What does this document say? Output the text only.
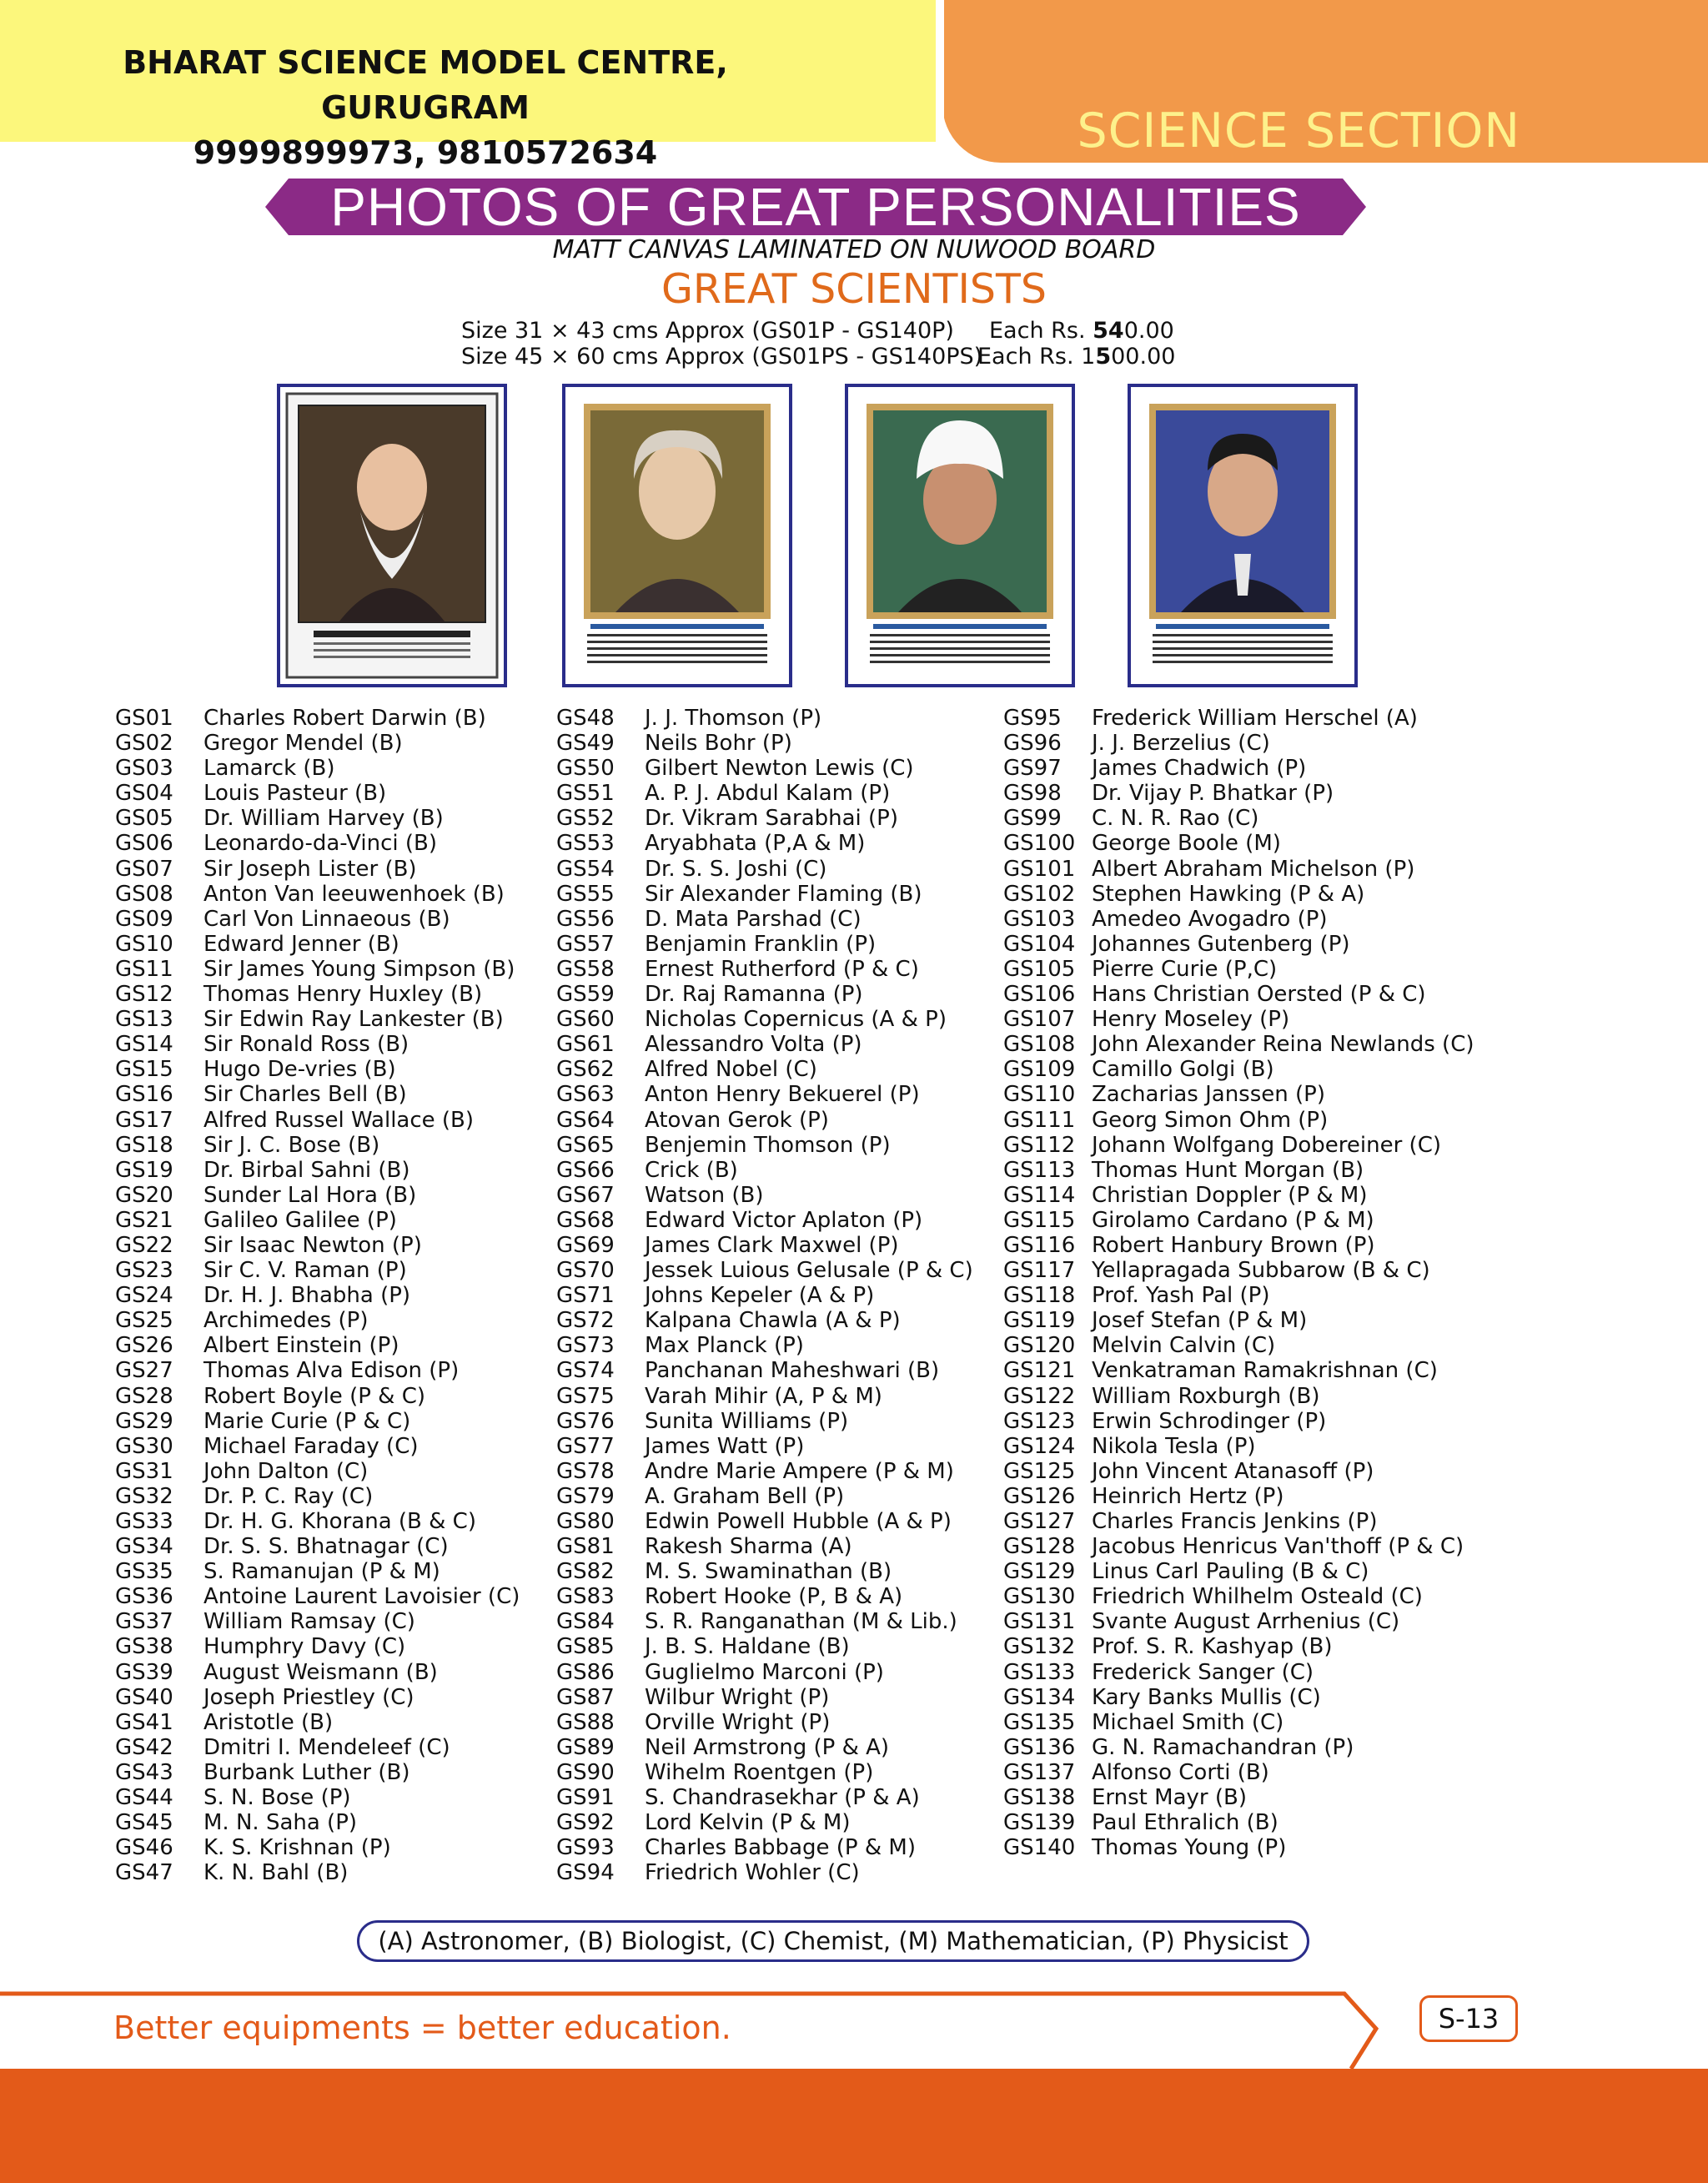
BHARAT SCIENCE MODEL CENTRE, GURUGRAM
9999899973, 9810572634	SCIENCE SECTION
PHOTOS OF GREAT PERSONALITIES
MATT CANVAS LAMINATED ON NUWOOD BOARD
GREAT SCIENTISTS
Size 31 × 43 cms Approx (GS01P - GS140P) Each Rs. 540.00
Size 45 × 60 cms Approx (GS01PS - GS140PS)
Each Rs. 1500.00
GS01	Charles Robert Darwin (B)
GS02	Gregor Mendel (B)
GS03	Lamarck (B)
GS04	Louis Pasteur (B)
GS05	Dr. William Harvey (B)
GS06	Leonardo-da-Vinci (B)
GS07	Sir Joseph Lister (B)
GS08	Anton Van leeuwenhoek (B)
GS09	Carl Von Linnaeous (B)
GS10	Edward Jenner (B)
GS11	Sir James Young Simpson (B)
GS12	Thomas Henry Huxley (B)
GS13	Sir Edwin Ray Lankester (B)
GS14	Sir Ronald Ross (B)
GS15	Hugo De-vries (B)
GS16	Sir Charles Bell (B)
GS17	Alfred Russel Wallace (B)
GS18	Sir J. C. Bose (B)
GS19	Dr. Birbal Sahni (B)
GS20	Sunder Lal Hora (B)
GS21	Galileo Galilee (P)
GS22	Sir Isaac Newton (P)
GS23	Sir C. V. Raman (P)
GS24	Dr. H. J. Bhabha (P)
GS25	Archimedes (P)
GS26	Albert Einstein (P)
GS27	Thomas Alva Edison (P)
GS28	Robert Boyle (P & C)
GS29	Marie Curie (P & C)
GS30	Michael Faraday (C)
GS31	John Dalton (C)
GS32	Dr. P. C. Ray (C)
GS33	Dr. H. G. Khorana (B & C)
GS34	Dr. S. S. Bhatnagar (C)
GS35	S. Ramanujan (P & M)
GS36	Antoine Laurent Lavoisier (C)
GS37	William Ramsay (C)
GS38	Humphry Davy (C)
GS39	August Weismann (B)
GS40	Joseph Priestley (C)
GS41	Aristotle (B)
GS42	Dmitri I. Mendeleef (C)
GS43	Burbank Luther (B)
GS44	S. N. Bose (P)
GS45	M. N. Saha (P)
GS46	K. S. Krishnan (P)
GS47	K. N. Bahl (B)
GS48	J. J. Thomson (P)
GS49	Neils Bohr (P)
GS50	Gilbert Newton Lewis (C)
GS51	A. P. J. Abdul Kalam (P)
GS52	Dr. Vikram Sarabhai (P)
GS53	Aryabhata (P,A & M)
GS54	Dr. S. S. Joshi (C)
GS55	Sir Alexander Flaming (B)
GS56	D. Mata Parshad (C)
GS57	Benjamin Franklin (P)
GS58	Ernest Rutherford (P & C)
GS59	Dr. Raj Ramanna (P)
GS60	Nicholas Copernicus (A & P)
GS61	Alessandro Volta (P)
GS62	Alfred Nobel (C)
GS63	Anton Henry Bekuerel (P)
GS64	Atovan Gerok (P)
GS65	Benjemin Thomson (P)
GS66	Crick (B)
GS67	Watson (B)
GS68	Edward Victor Aplaton (P)
GS69	James Clark Maxwel (P)
GS70	Jessek Luious Gelusale (P & C)
GS71	Johns Kepeler (A & P)
GS72	Kalpana Chawla (A & P)
GS73	Max Planck (P)
GS74	Panchanan Maheshwari (B)
GS75	Varah Mihir (A, P & M)
GS76	Sunita Williams (P)
GS77	James Watt (P)
GS78	Andre Marie Ampere (P & M)
GS79	A. Graham Bell (P)
GS80	Edwin Powell Hubble (A & P)
GS81	Rakesh Sharma (A)
GS82	M. S. Swaminathan (B)
GS83	Robert Hooke (P, B & A)
GS84	S. R. Ranganathan (M & Lib.)
GS85	J. B. S. Haldane (B)
GS86	Guglielmo Marconi (P)
GS87	Wilbur Wright (P)
GS88	Orville Wright (P)
GS89	Neil Armstrong (P & A)
GS90	Wihelm Roentgen (P)
GS91	S. Chandrasekhar (P & A)
GS92	Lord Kelvin (P & M)
GS93	Charles Babbage (P & M)
GS94	Friedrich Wohler (C)
GS95	Frederick William Herschel (A)
GS96	J. J. Berzelius (C)
GS97	James Chadwich (P)
GS98	Dr. Vijay P. Bhatkar (P)
GS99	C. N. R. Rao (C)
GS100 George Boole (M)
GS101 Albert Abraham Michelson (P)
GS102 Stephen Hawking (P & A)
GS103 Amedeo Avogadro (P)
GS104 Johannes Gutenberg (P)
GS105 Pierre Curie (P,C)
GS106 Hans Christian Oersted (P & C)
GS107 Henry Moseley (P)
GS108 John Alexander Reina Newlands (C)
GS109 Camillo Golgi (B)
GS110 Zacharias Janssen (P)
GS111 Georg Simon Ohm (P)
GS112 Johann Wolfgang Dobereiner (C)
GS113 Thomas Hunt Morgan (B)
GS114 Christian Doppler (P & M)
GS115 Girolamo Cardano (P & M)
GS116 Robert Hanbury Brown (P)
GS117 Yellapragada Subbarow (B & C)
GS118 Prof. Yash Pal (P)
GS119 Josef Stefan (P & M)
GS120 Melvin Calvin (C)
GS121 Venkatraman Ramakrishnan (C)
GS122 William Roxburgh (B)
GS123 Erwin Schrodinger (P)
GS124 Nikola Tesla (P)
GS125 John Vincent Atanasoff (P)
GS126 Heinrich Hertz (P)
GS127 Charles Francis Jenkins (P)
GS128 Jacobus Henricus Van'thoff (P & C)
GS129 Linus Carl Pauling (B & C)
GS130 Friedrich Whilhelm Osteald (C)
GS131 Svante August Arrhenius (C)
GS132 Prof. S. R. Kashyap (B)
GS133 Frederick Sanger (C)
GS134 Kary Banks Mullis (C)
GS135 Michael Smith (C)
GS136 G. N. Ramachandran (P)
GS137 Alfonso Corti (B)
GS138 Ernst Mayr (B)
GS139 Paul Ethralich (B)
GS140 Thomas Young (P)
(A) Astronomer, (B) Biologist, (C) Chemist, (M) Mathematician, (P) Physicist
Better equipments = better education.	S-13
